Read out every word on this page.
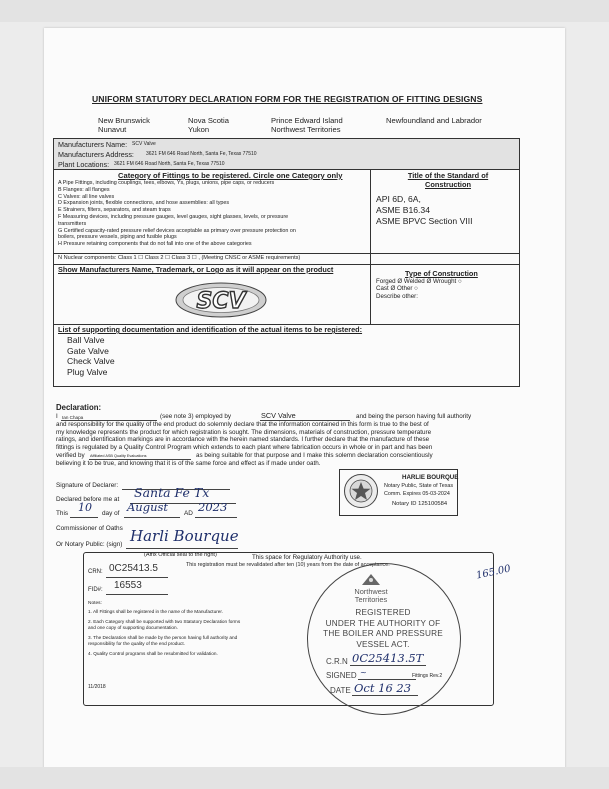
UNIFORM STATUTORY DECLARATION FORM FOR THE REGISTRATION OF FITTING DESIGNS
New Brunswick
Nunavut
Nova Scotia
Yukon
Prince Edward Island
Northwest Territories
Newfoundland and Labrador
Manufacturers Name: SCV Valve
Manufacturers Address: 3621 FM 646 Road North, Santa Fe, Texas 77510
Plant Locations: 3621 FM 646 Road North, Santa Fe, Texas 77510
Category of Fittings to be registered. Circle one Category only
A Pipe Fittings, including couplings, tees, elbows, Ys, plugs, unions, pipe caps, or reducers
B Flanges: all flanges
C Valves: all line valves
D Expansion joints, flexible connections, and hose assemblies: all types
E Strainers, filters, separators, and steam traps
F Measuring devices, including pressure gauges, level gauges, sight glasses, levels, or pressure
transmitters
G Certified capacity-rated pressure relief devices acceptable as primary over pressure protection on
boilers, pressure vessels, piping and fusible plugs
H Pressure retaining components that do not fall into one of the above categories
N Nuclear components: Class 1 ☐ Class 2 ☐ Class 3 ☐ , (Meeting CNSC or ASME requirements)
Title of the Standard of Construction
API 6D, 6A,
ASME B16.34
ASME BPVC Section VIII
Show Manufacturers Name, Trademark, or Logo as it will appear on the product
SCV
Type of Construction
Forged Ø Welded Ø Wrought ○
Cast Ø Other ○
Describe other:
List of supporting documentation and identification of the actual items to be registered:
Ball Valve
Gate Valve
Check Valve
Plug Valve
Declaration:
I Ian Chapa	(see note 3) employed by	SCV Valve	and being the person having full authority
and responsibility for the quality of the end product do solemnly declare that the information contained in this form is true to the best of
my knowledge represents the product for which registration is sought. The dimensions, materials of construction, pressure temperature
ratings, and identification markings are in accordance with the herein named standards. I further declare that the manufacture of these
fittings is regulated by a Quality Control Program which extends to each plant where fabrication occurs in whole or in part and has been
verified by Affiliated ASB Quality Evaluations	as being suitable for that purpose and I make this solemn declaration conscientiously
believing it to be true, and knowing that it is of the same force and effect as if made under oath.
Signature of Declarer:
Declared before me at Santa Fe Tx
This 10 day of August AD 2023
Commissioner of Oaths
Or Notary Public: (sign) Harli Bourque
(Affix Official seal to the right)
HARLIE BOURQUE
Notary Public, State of Texas
Comm. Expires 05-03-2024
Notary ID 125100584
This space for Regulatory Authority use.
This registration must be revalidated after ten (10) years from the date of acceptance.
CRN: 0C25413.5
FID#: 16553
Notes:
1. All Fittings shall be registered in the name of the Manufacturer.
2. Each Category shall be supported with two Statutory Declaration forms
and one copy of supporting documentation.
3. The Declaration shall be made by the person having full authority and
responsibility for the quality of the end product.
4. Quality Control programs shall be resubmitted for validation.
11/2018
165.00
Northwest
Territories
REGISTERED
UNDER THE AUTHORITY OF
THE BOILER AND PRESSURE
VESSEL ACT.
C.R.N 0C25413.5T
SIGNED ~	Fittings Rev.2
DATE Oct 16 23
